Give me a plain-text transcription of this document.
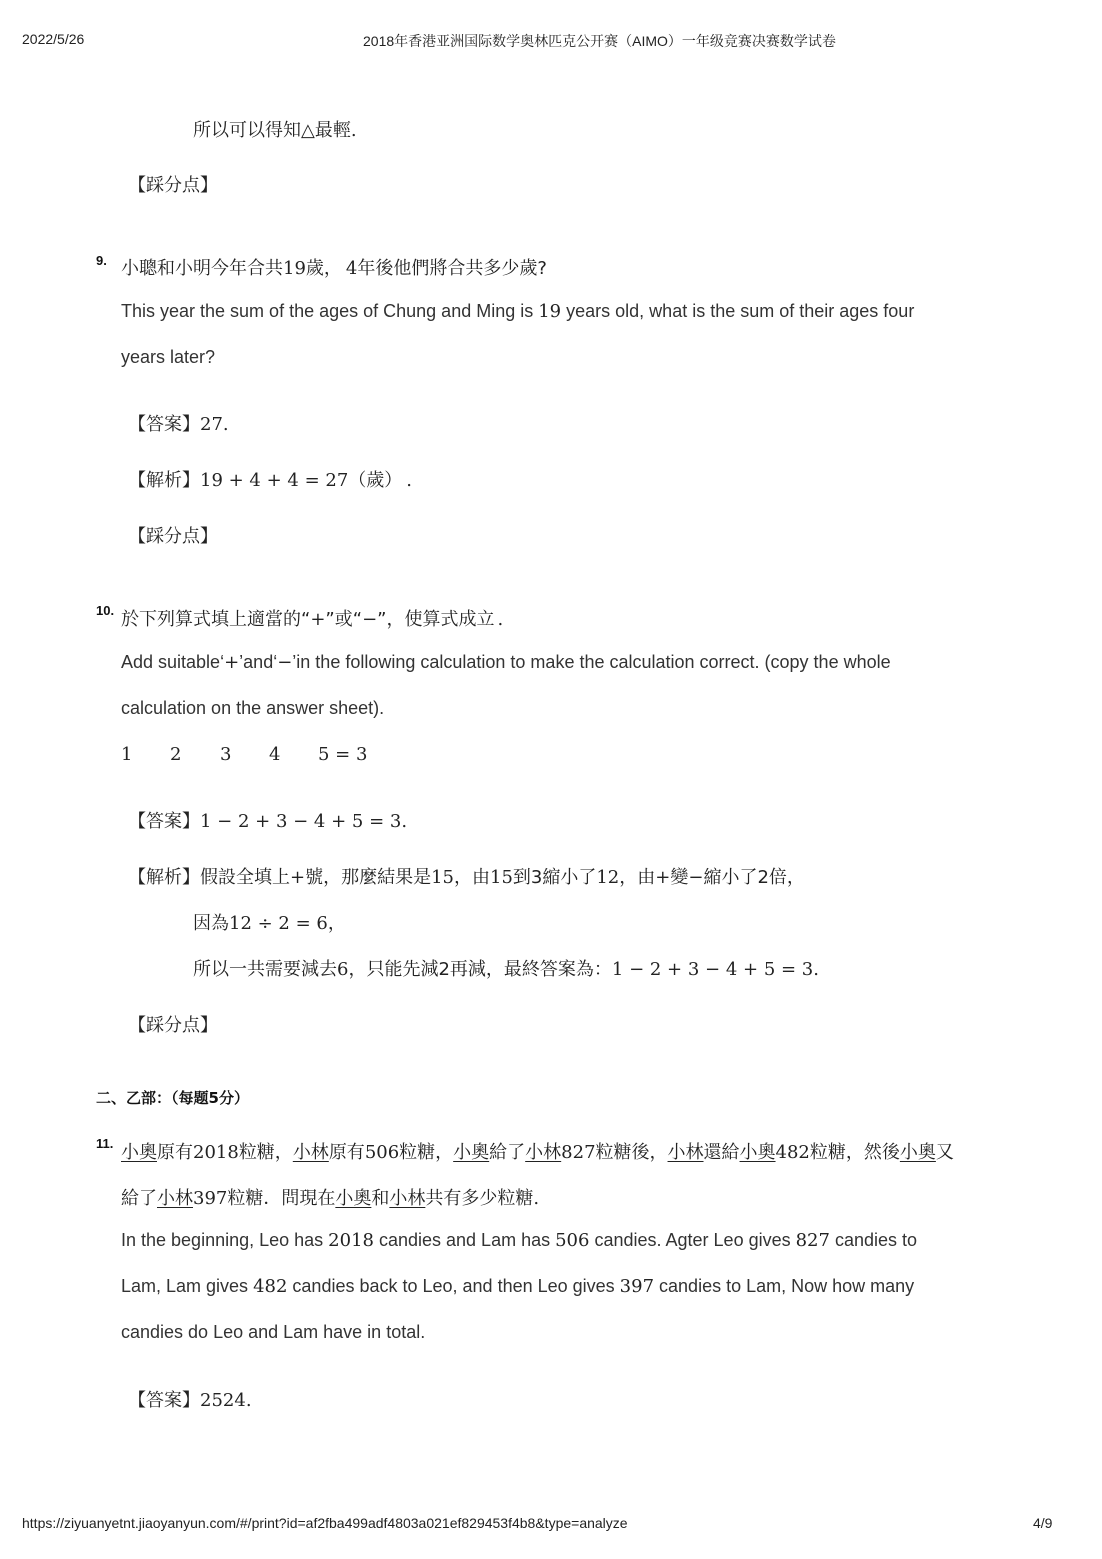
2022/5/26	2018年香港亚洲国际数学奥林匹克公开赛（AIMO）一年级竞赛决赛数学试卷
所以可以得知△最輕.
【踩分点】
9. 小聰和小明今年合共19歲， 4年後他們將合共多少歲?
This year the sum of the ages of Chung and Ming is 19 years old, what is the sum of their ages four
years later?
【答案】27.
【解析】19 + 4 + 4 = 27（歲） .
【踩分点】
10. 於下列算式填上適當的“+”或“−”，使算式成立 .
Add suitable‘+’and‘−’in the following calculation to make the calculation correct. (copy the whole
calculation on the answer sheet).
1 2 3 4 5 = 3
【答案】1 − 2 + 3 − 4 + 5 = 3.
【解析】假設全填上+號，那麼結果是15，由15到3縮小了12，由+變−縮小了2倍，
因為12 ÷ 2 = 6，
所以一共需要減去6，只能先減2再減，最終答案為：1 − 2 + 3 − 4 + 5 = 3.
【踩分点】
二、乙部：（每题5分）
11. 小奧原有2018粒糖，小林原有506粒糖，小奧給了小林827粒糖後，小林還給小奧482粒糖，然後小奧又
給了小林397粒糖．問現在小奧和小林共有多少粒糖.
In the beginning, Leo has 2018 candies and Lam has 506 candies. Agter Leo gives 827 candies to
Lam, Lam gives 482 candies back to Leo, and then Leo gives 397 candies to Lam, Now how many
candies do Leo and Lam have in total.
【答案】2524.
https://ziyuanyetnt.jiaoyanyun.com/#/print?id=af2fba499adf4803a021ef829453f4b8&type=analyze	4/9
